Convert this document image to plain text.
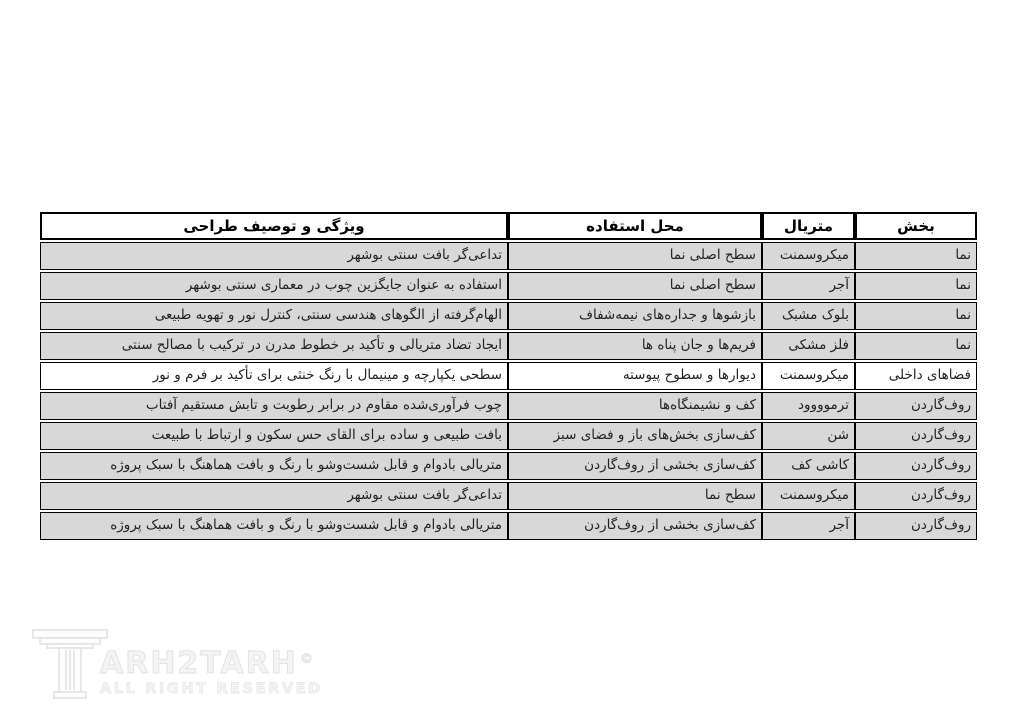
بخش	متریال	محل استفاده	ویژگی و توصیف طراحی
نما	میکروسمنت	سطح اصلی نما	تداعی‌گر بافت سنتی بوشهر
نما	آجر	سطح اصلی نما	استفاده به عنوان جایگزین چوب در معماری سنتی بوشهر
نما	بلوک مشبک	بازشوها و جداره‌های نیمه‌شفاف	الهام‌گرفته از الگوهای هندسی سنتی، کنترل نور و تهویه طبیعی
نما	فلز مشکی	فریم‌ها و جان پناه ها	ایجاد تضاد متریالی و تأکید بر خطوط مدرن در ترکیب با مصالح سنتی
فضاهای داخلی	میکروسمنت	دیوارها و سطوح پیوسته	سطحی یکپارچه و مینیمال با رنگ خنثی برای تأکید بر فرم و نور
روف‌گاردن	ترموووود	کف و نشیمنگاه‌ها	چوب فرآوری‌شده مقاوم در برابر رطوبت و تابش مستقیم آفتاب
روف‌گاردن	شن	کف‌سازی بخش‌های باز و فضای سبز	بافت طبیعی و ساده برای القای حس سکون و ارتباط با طبیعت
روف‌گاردن	کاشی کف	کف‌سازی بخشی از روف‌گاردن	متریالی بادوام و قابل شست‌وشو با رنگ و بافت هماهنگ با سبک پروژه
روف‌گاردن	میکروسمنت	سطح نما	تداعی‌گر بافت سنتی بوشهر
روف‌گاردن	آجر	کف‌سازی بخشی از روف‌گاردن	متریالی بادوام و قابل شست‌وشو با رنگ و بافت هماهنگ با سبک پروژه
ARH2TARH ©
ALL RIGHT RESERVED
